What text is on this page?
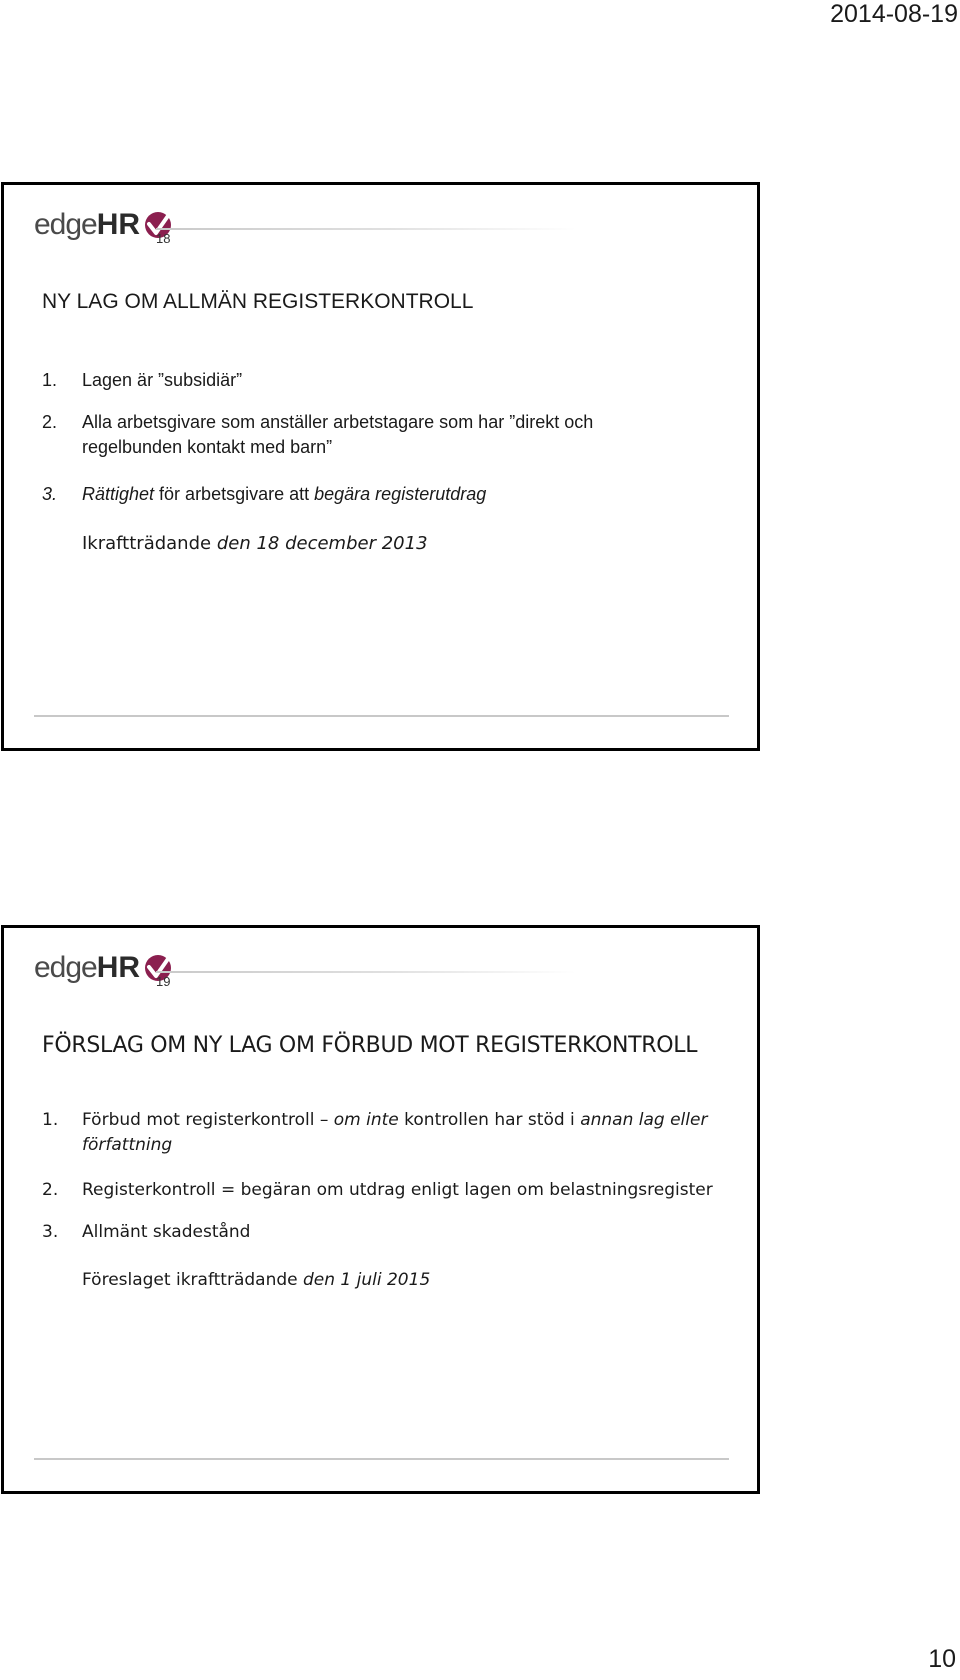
2014-08-19
edgeHR 18
NY LAG OM ALLMÄN REGISTERKONTROLL
1. Lagen är ”subsidiär”
2. Alla arbetsgivare som anställer arbetstagare som har ”direkt och
regelbunden kontakt med barn”
3. Rättighet för arbetsgivare att begära registerutdrag
Ikraftträdande den 18 december 2013
edgeHR 19
FÖRSLAG OM NY LAG OM FÖRBUD MOT REGISTERKONTROLL
1. Förbud mot registerkontroll – om inte kontrollen har stöd i annan lag eller
författning
2. Registerkontroll = begäran om utdrag enligt lagen om belastningsregister
3. Allmänt skadestånd
Föreslaget ikraftträdande den 1 juli 2015
10
